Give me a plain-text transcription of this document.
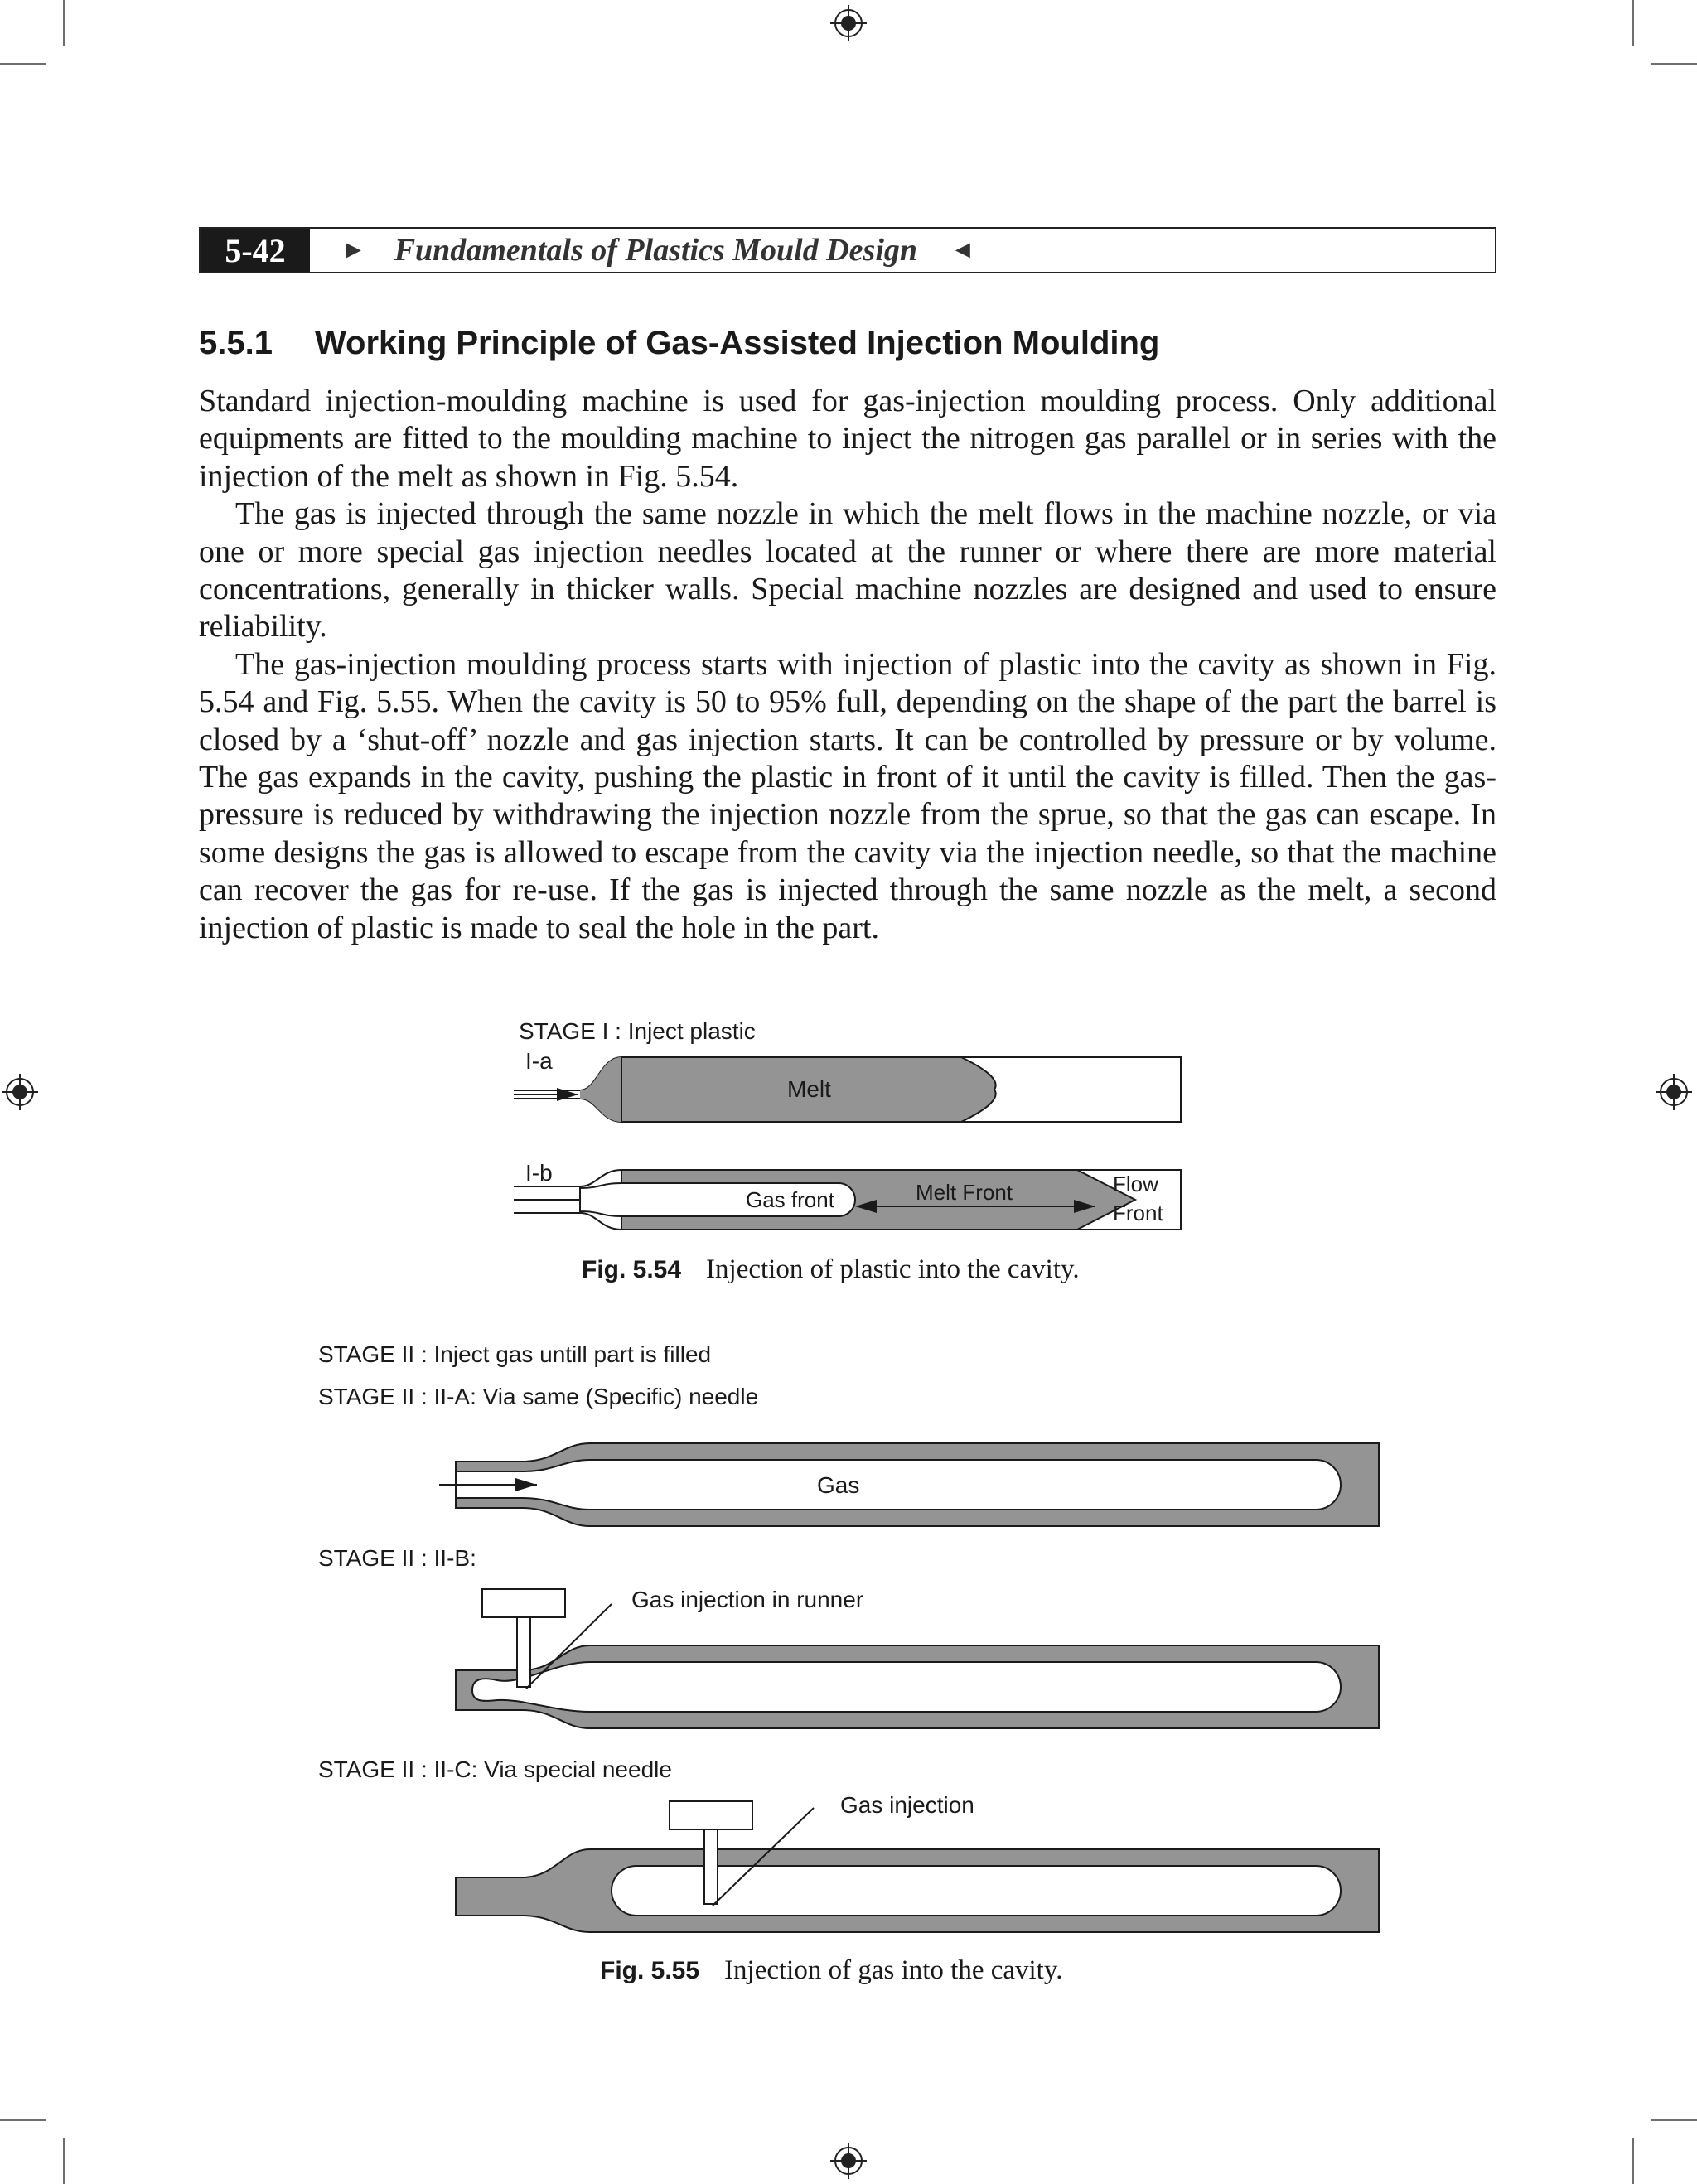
5-42	► Fundamentals of Plastics Mould Design ◄
5.5.1 Working Principle of Gas-Assisted Injection Moulding

Standard injection-moulding machine is used for gas-injection moulding process. Only additional equipments are fitted to the moulding machine to inject the nitrogen gas parallel or in series with the injection of the melt as shown in Fig. 5.54.

The gas is injected through the same nozzle in which the melt flows in the machine nozzle, or via one or more special gas injection needles located at the runner or where there are more material concentrations, generally in thicker walls. Special machine nozzles are designed and used to ensure reliability.

The gas-injection moulding process starts with injection of plastic into the cavity as shown in Fig. 5.54 and Fig. 5.55. When the cavity is 50 to 95% full, depending on the shape of the part the barrel is closed by a ‘shut-off’ nozzle and gas injection starts. It can be controlled by pressure or by volume. The gas expands in the cavity, pushing the plastic in front of it until the cavity is filled. Then the gas-pressure is reduced by withdrawing the injection nozzle from the sprue, so that the gas can escape. In some designs the gas is allowed to escape from the cavity via the injection needle, so that the machine can recover the gas for re-use. If the gas is injected through the same nozzle as the melt, a second injection of plastic is made to seal the hole in the part.

STAGE I : Inject plastic
I-a
Melt
I-b
Gas front	Melt Front	Flow
Front
Fig. 5.54 Injection of plastic into the cavity.
STAGE II : Inject gas untill part is filled
STAGE II : II-A: Via same (Specific) needle
Gas
STAGE II : II-B:
Gas injection in runner
STAGE II : II-C: Via special needle
Gas injection
Fig. 5.55 Injection of gas into the cavity.
